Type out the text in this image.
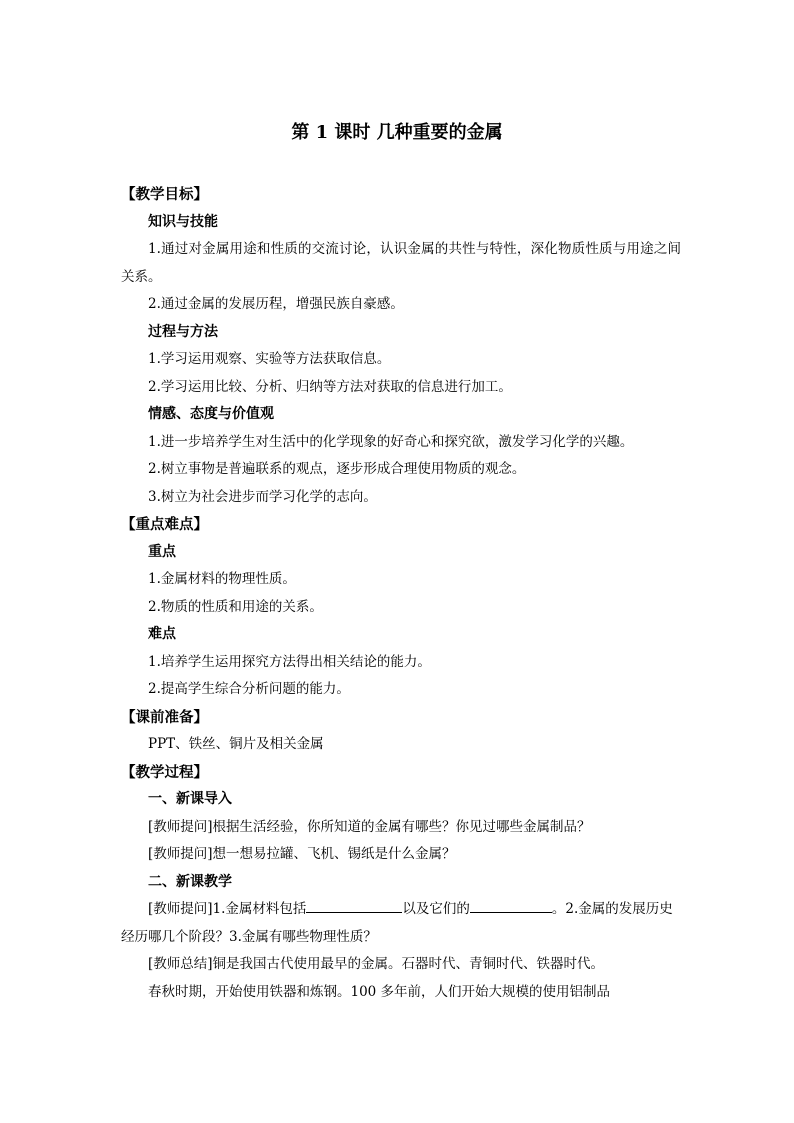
第 1 课时 几种重要的金属

【教学目标】

知识与技能

1.通过对金属用途和性质的交流讨论，认识金属的共性与特性，深化物质性质与用途之间关系。

2.通过金属的发展历程，增强民族自豪感。

过程与方法

1.学习运用观察、实验等方法获取信息。

2.学习运用比较、分析、归纳等方法对获取的信息进行加工。

情感、态度与价值观

1.进一步培养学生对生活中的化学现象的好奇心和探究欲，激发学习化学的兴趣。

2.树立事物是普遍联系的观点，逐步形成合理使用物质的观念。

3.树立为社会进步而学习化学的志向。

【重点难点】

重点

1.金属材料的物理性质。

2.物质的性质和用途的关系。

难点

1.培养学生运用探究方法得出相关结论的能力。

2.提高学生综合分析问题的能力。

【课前准备】

PPT、铁丝、铜片及相关金属

【教学过程】

一、新课导入

[教师提问]根据生活经验，你所知道的金属有哪些？你见过哪些金属制品？

[教师提问]想一想易拉罐、飞机、锡纸是什么金属？

二、新课教学

[教师提问]1.金属材料包括	以及它们的	。2.金属的发展历史

经历哪几个阶段？3.金属有哪些物理性质？

[教师总结]铜是我国古代使用最早的金属。石器时代、青铜时代、铁器时代。

春秋时期，开始使用铁器和炼钢。100 多年前，人们开始大规模的使用铝制品
